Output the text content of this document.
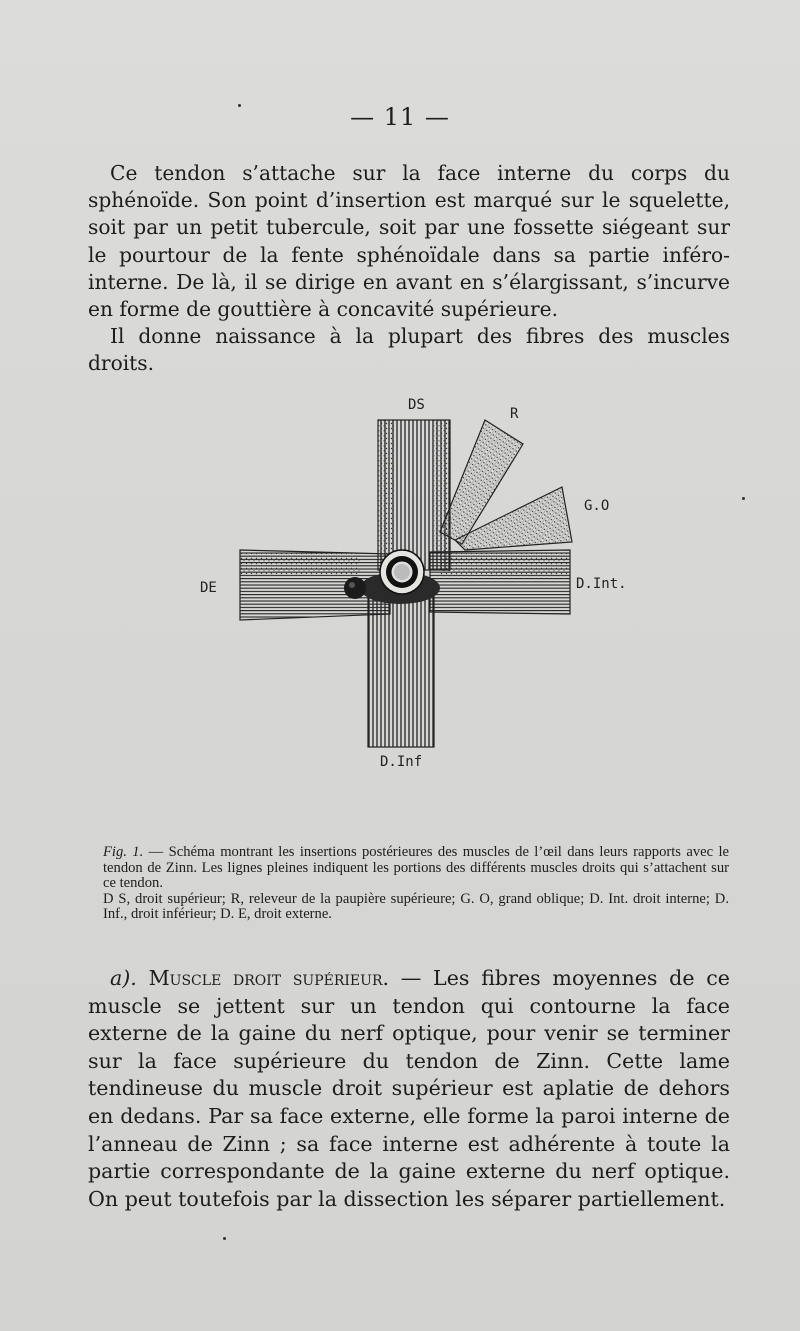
— 11 —

Ce tendon s’attache sur la face interne du corps du sphénoïde. Son point d’insertion est marqué sur le squelette, soit par un petit tubercule, soit par une fossette siégeant sur le pourtour de la fente sphénoïdale dans sa partie inféro-interne. De là, il se dirige en avant en s’élargissant, s’incurve en forme de gouttière à concavité supérieure.

Il donne naissance à la plupart des fibres des muscles droits.

DS
R
G.O
DE	D.Int.
D.Inf
Fig. 1. — Schéma montrant les insertions postérieures des muscles de l’œil dans leurs rapports avec le tendon de Zinn. Les lignes pleines indiquent les portions des différents muscles droits qui s’attachent sur ce tendon.
D S, droit supérieur; R, releveur de la paupière supérieure; G. O, grand oblique; D. Int. droit interne; D. Inf., droit inférieur; D. E, droit externe.
a). Muscle droit supérieur. — Les fibres moyennes de ce muscle se jettent sur un tendon qui contourne la face externe de la gaine du nerf optique, pour venir se terminer sur la face supérieure du tendon de Zinn. Cette lame tendineuse du muscle droit supérieur est aplatie de dehors en dedans. Par sa face externe, elle forme la paroi interne de l’anneau de Zinn ; sa face interne est adhérente à toute la partie correspondante de la gaine externe du nerf optique. On peut toutefois par la dissection les séparer partiellement.
